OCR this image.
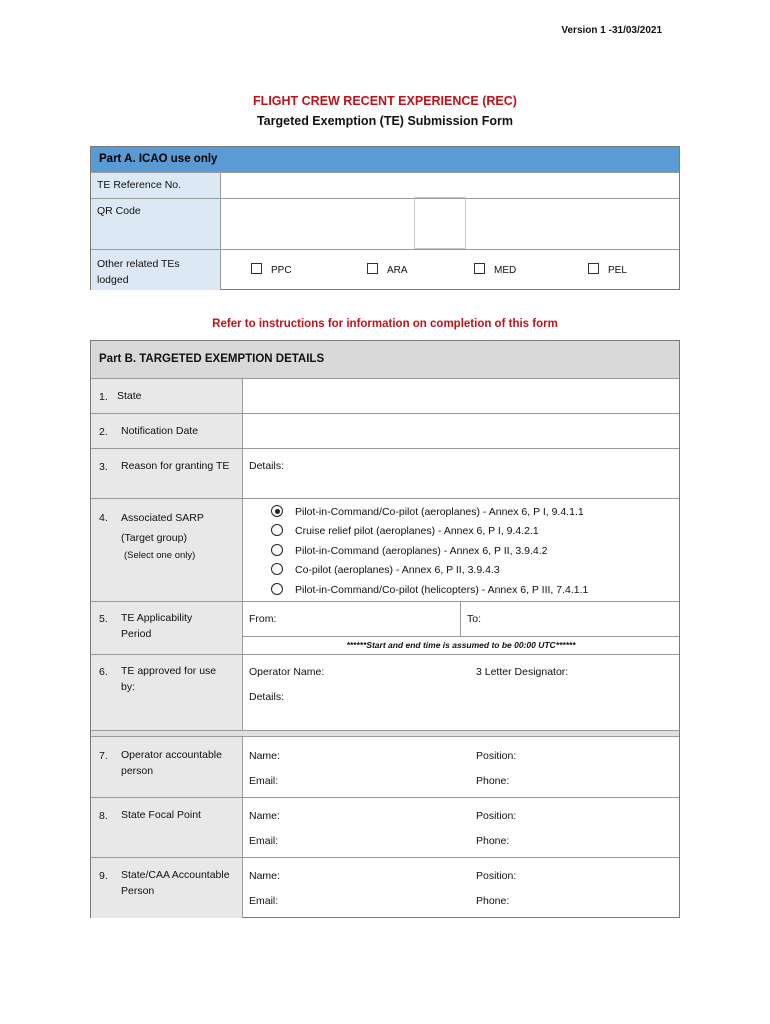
Version 1 -31/03/2021
FLIGHT CREW RECENT EXPERIENCE (REC)
Targeted Exemption (TE) Submission Form
Part A. ICAO use only
TE Reference No.
QR Code
Other related TEs lodged
PPC	ARA	MED	PEL
Refer to instructions for information on completion of this form
Part B. TARGETED EXEMPTION DETAILS
1. State
2. Notification Date
3. Reason for granting TE	Details:
4. Associated SARP (Target group)
(Select one only)
Pilot-in-Command/Co-pilot (aeroplanes) - Annex 6, P I, 9.4.1.1
Cruise relief pilot (aeroplanes) - Annex 6, P I, 9.4.2.1
Pilot-in-Command (aeroplanes) - Annex 6, P II, 3.9.4.2
Co-pilot (aeroplanes) - Annex 6, P II, 3.9.4.3
Pilot-in-Command/Co-pilot (helicopters) - Annex 6, P III, 7.4.1.1
5. TE Applicability Period
From:	To:
******Start and end time is assumed to be 00:00 UTC******
6. TE approved for use by:
Operator Name:	3 Letter Designator:
Details:
7. Operator accountable person
Name:	Position:
Email:	Phone:
8. State Focal Point	Name:	Position:
Email:	Phone:
9. State/CAA Accountable Person
Name:	Position:
Email:	Phone:
